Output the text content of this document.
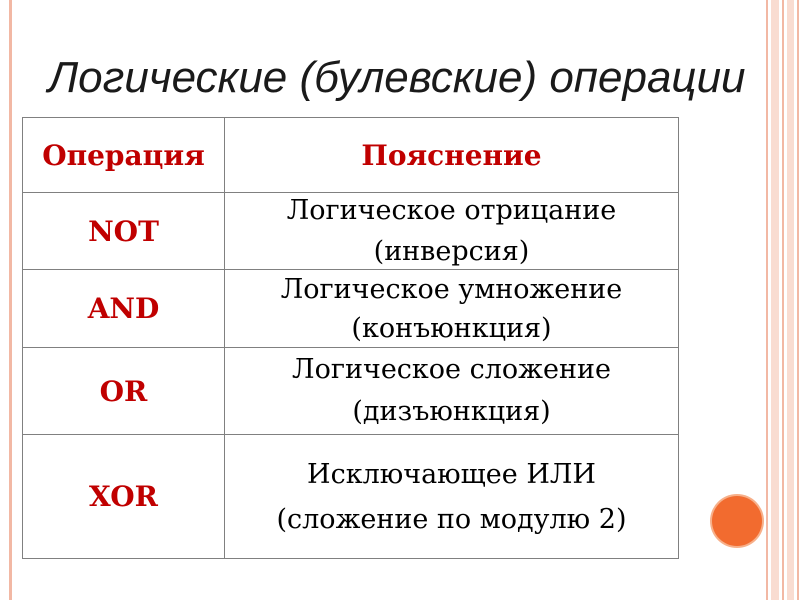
Логические (булевские) операции
Операция	Пояснение
NOT
Логическое отрицание
(инверсия)
AND
Логическое умножение
(конъюнкция)
OR
Логическое сложение
(дизъюнкция)
XOR
Исключающее ИЛИ
(сложение по модулю 2)
